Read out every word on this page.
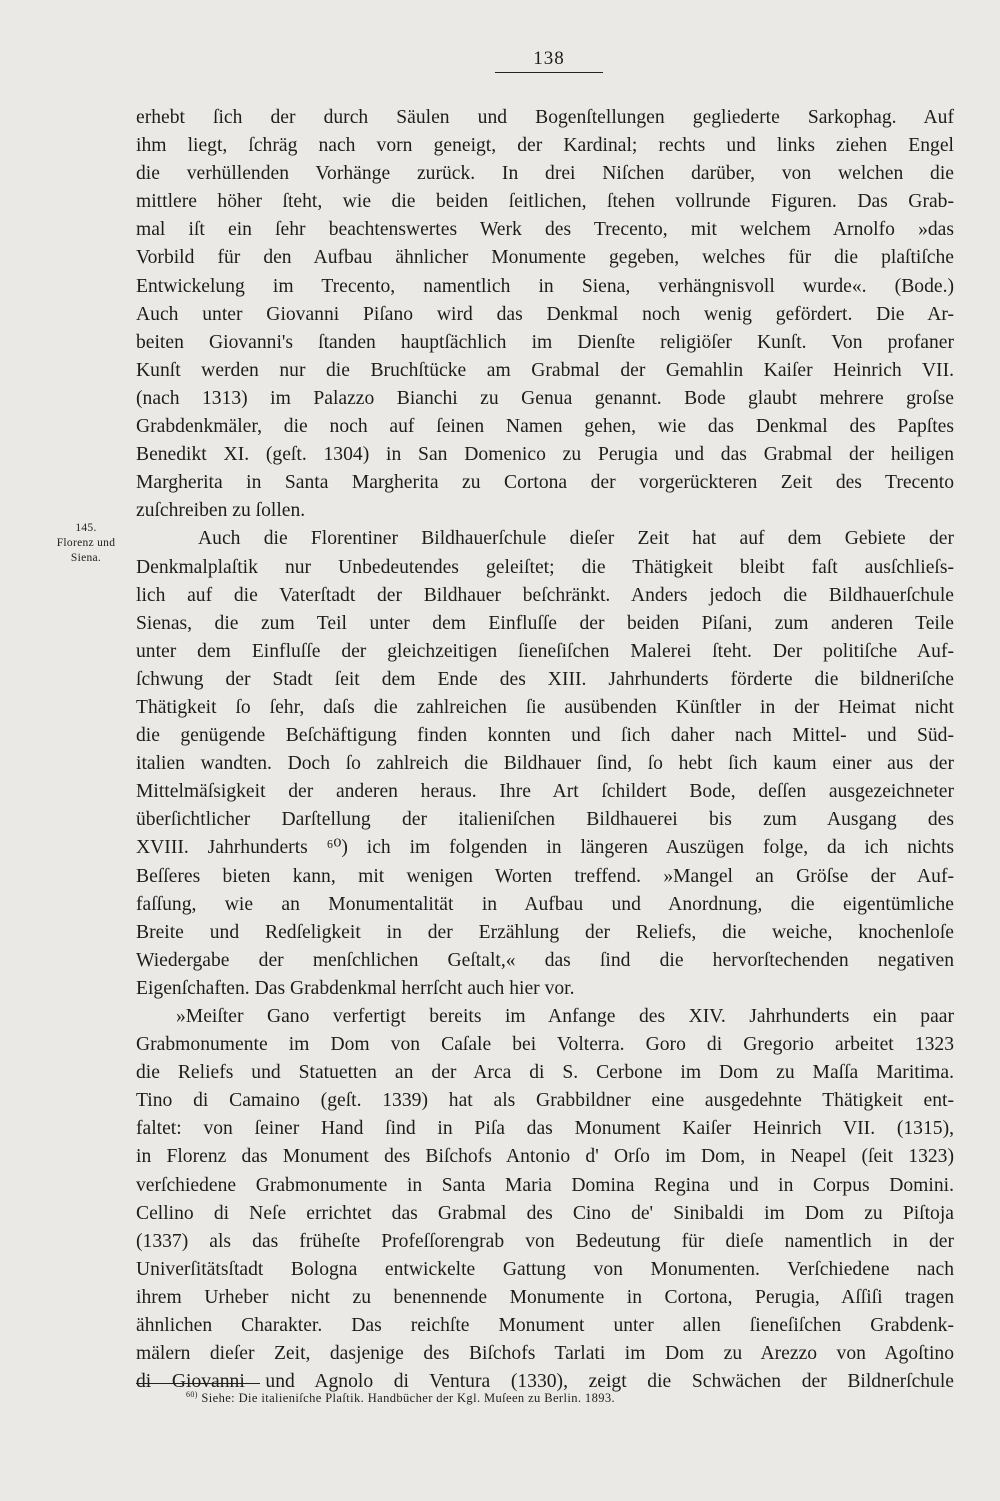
138
145.
Florenz und
Siena.
erhebt ſich der durch Säulen und Bogenſtellungen gegliederte Sarkophag. Auf
ihm liegt, ſchräg nach vorn geneigt, der Kardinal; rechts und links ziehen Engel
die verhüllenden Vorhänge zurück. In drei Niſchen darüber, von welchen die
mittlere höher ſteht, wie die beiden ſeitlichen, ſtehen vollrunde Figuren. Das Grab-
mal iſt ein ſehr beachtenswertes Werk des Trecento, mit welchem Arnolfo »das
Vorbild für den Aufbau ähnlicher Monumente gegeben, welches für die plaſtiſche
Entwickelung im Trecento, namentlich in Siena, verhängnisvoll wurde«. (Bode.)
Auch unter Giovanni Piſano wird das Denkmal noch wenig gefördert. Die Ar-
beiten Giovanni's ſtanden hauptſächlich im Dienſte religiöſer Kunſt. Von profaner
Kunſt werden nur die Bruchſtücke am Grabmal der Gemahlin Kaiſer Heinrich VII.
(nach 1313) im Palazzo Bianchi zu Genua genannt. Bode glaubt mehrere groſse
Grabdenkmäler, die noch auf ſeinen Namen gehen, wie das Denkmal des Papſtes
Benedikt XI. (geſt. 1304) in San Domenico zu Perugia und das Grabmal der heiligen
Margherita in Santa Margherita zu Cortona der vorgerückteren Zeit des Trecento
zuſchreiben zu ſollen.
Auch die Florentiner Bildhauerſchule dieſer Zeit hat auf dem Gebiete der
Denkmalplaſtik nur Unbedeutendes geleiſtet; die Thätigkeit bleibt faſt ausſchlieſs-
lich auf die Vaterſtadt der Bildhauer beſchränkt. Anders jedoch die Bildhauerſchule
Sienas, die zum Teil unter dem Einfluſſe der beiden Piſani, zum anderen Teile
unter dem Einfluſſe der gleichzeitigen ſieneſiſchen Malerei ſteht. Der politiſche Auf-
ſchwung der Stadt ſeit dem Ende des XIII. Jahrhunderts förderte die bildneriſche
Thätigkeit ſo ſehr, daſs die zahlreichen ſie ausübenden Künſtler in der Heimat nicht
die genügende Beſchäftigung finden konnten und ſich daher nach Mittel- und Süd-
italien wandten. Doch ſo zahlreich die Bildhauer ſind, ſo hebt ſich kaum einer aus der
Mittelmäſsigkeit der anderen heraus. Ihre Art ſchildert Bode, deſſen ausgezeichneter
überſichtlicher Darſtellung der italieniſchen Bildhauerei bis zum Ausgang des
XVIII. Jahrhunderts ⁶⁰) ich im folgenden in längeren Auszügen folge, da ich nichts
Beſſeres bieten kann, mit wenigen Worten treffend. »Mangel an Gröſse der Auf-
faſſung, wie an Monumentalität in Aufbau und Anordnung, die eigentümliche
Breite und Redſeligkeit in der Erzählung der Reliefs, die weiche, knochenloſe
Wiedergabe der menſchlichen Geſtalt,« das ſind die hervorſtechenden negativen
Eigenſchaften. Das Grabdenkmal herrſcht auch hier vor.
»Meiſter Gano verfertigt bereits im Anfange des XIV. Jahrhunderts ein paar
Grabmonumente im Dom von Caſale bei Volterra. Goro di Gregorio arbeitet 1323
die Reliefs und Statuetten an der Arca di S. Cerbone im Dom zu Maſſa Maritima.
Tino di Camaino (geſt. 1339) hat als Grabbildner eine ausgedehnte Thätigkeit ent-
faltet: von ſeiner Hand ſind in Piſa das Monument Kaiſer Heinrich VII. (1315),
in Florenz das Monument des Biſchofs Antonio d' Orſo im Dom, in Neapel (ſeit 1323)
verſchiedene Grabmonumente in Santa Maria Domina Regina und in Corpus Domini.
Cellino di Neſe errichtet das Grabmal des Cino de' Sinibaldi im Dom zu Piſtoja
(1337) als das früheſte Profeſſorengrab von Bedeutung für dieſe namentlich in der
Univerſitätsſtadt Bologna entwickelte Gattung von Monumenten. Verſchiedene nach
ihrem Urheber nicht zu benennende Monumente in Cortona, Perugia, Aſſiſi tragen
ähnlichen Charakter. Das reichſte Monument unter allen ſieneſiſchen Grabdenk-
mälern dieſer Zeit, dasjenige des Biſchofs Tarlati im Dom zu Arezzo von Agoſtino
di Giovanni und Agnolo di Ventura (1330), zeigt die Schwächen der Bildnerſchule
$^{60)}$ Siehe: Die italieniſche Plaſtik. Handbücher der Kgl. Muſeen zu Berlin. 1893.
